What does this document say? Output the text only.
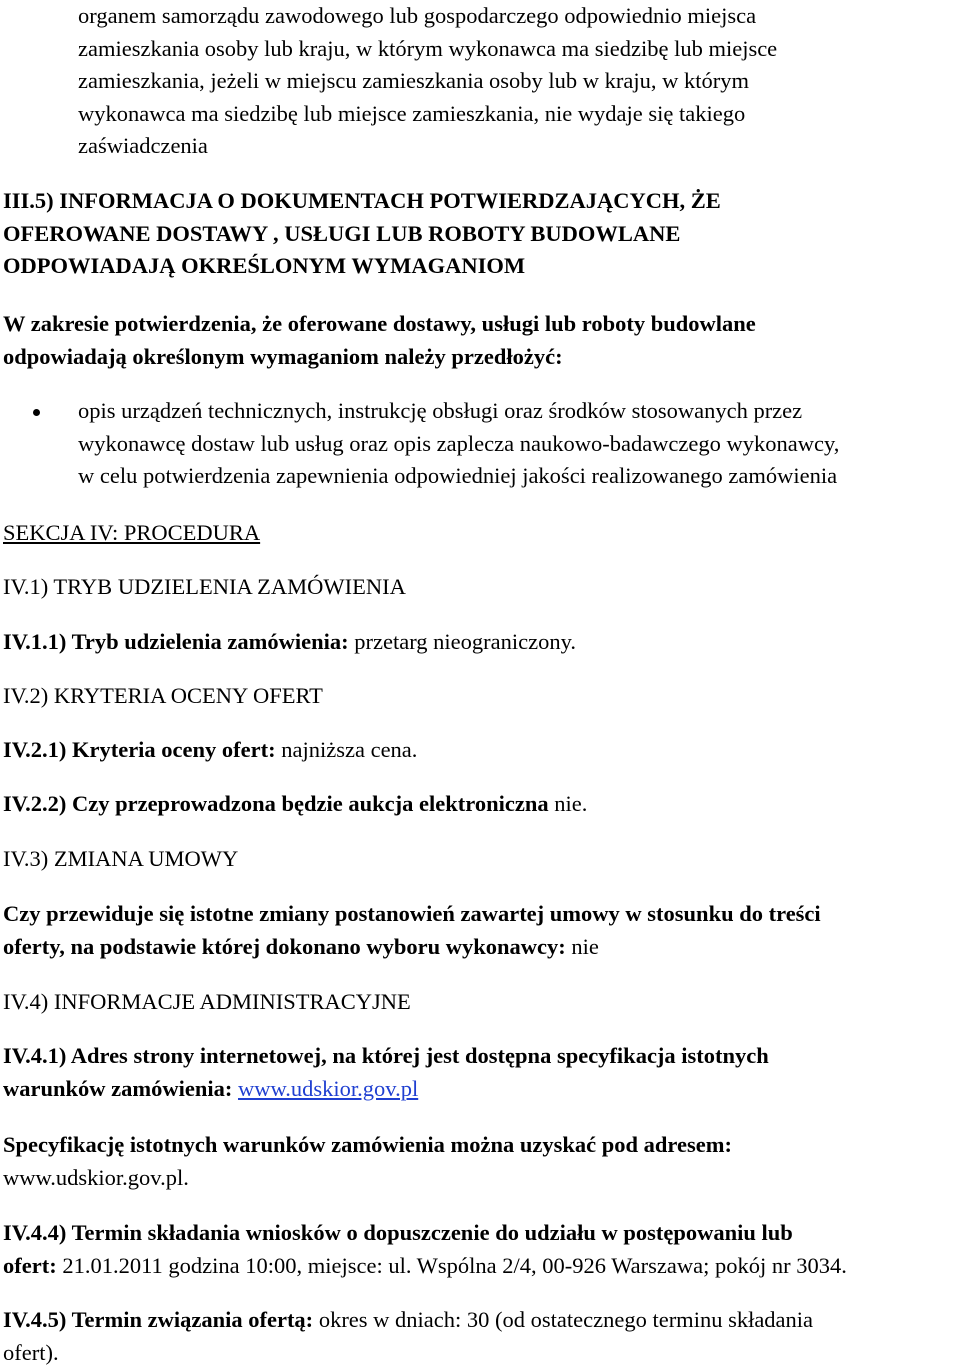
organem samorządu zawodowego lub gospodarczego odpowiednio miejsca
zamieszkania osoby lub kraju, w którym wykonawca ma siedzibę lub miejsce
zamieszkania, jeżeli w miejscu zamieszkania osoby lub w kraju, w którym
wykonawca ma siedzibę lub miejsce zamieszkania, nie wydaje się takiego
zaświadczenia

III.5) INFORMACJA O DOKUMENTACH POTWIERDZAJĄCYCH, ŻE
OFEROWANE DOSTAWY , USŁUGI LUB ROBOTY BUDOWLANE
ODPOWIADAJĄ OKREŚLONYM WYMAGANIOM

W zakresie potwierdzenia, że oferowane dostawy, usługi lub roboty budowlane
odpowiadają określonym wymaganiom należy przedłożyć:

opis urządzeń technicznych, instrukcję obsługi oraz środków stosowanych przez
wykonawcę dostaw lub usług oraz opis zaplecza naukowo-badawczego wykonawcy,
w celu potwierdzenia zapewnienia odpowiedniej jakości realizowanego zamówienia

SEKCJA IV: PROCEDURA

IV.1) TRYB UDZIELENIA ZAMÓWIENIA

IV.1.1) Tryb udzielenia zamówienia: przetarg nieograniczony.

IV.2) KRYTERIA OCENY OFERT

IV.2.1) Kryteria oceny ofert: najniższa cena.

IV.2.2) Czy przeprowadzona będzie aukcja elektroniczna nie.

IV.3) ZMIANA UMOWY

Czy przewiduje się istotne zmiany postanowień zawartej umowy w stosunku do treści
oferty, na podstawie której dokonano wyboru wykonawcy: nie

IV.4) INFORMACJE ADMINISTRACYJNE

IV.4.1) Adres strony internetowej, na której jest dostępna specyfikacja istotnych
warunków zamówienia: www.udskior.gov.pl

Specyfikację istotnych warunków zamówienia można uzyskać pod adresem:
www.udskior.gov.pl.

IV.4.4) Termin składania wniosków o dopuszczenie do udziału w postępowaniu lub
ofert: 21.01.2011 godzina 10:00, miejsce: ul. Wspólna 2/4, 00-926 Warszawa; pokój nr 3034.

IV.4.5) Termin związania ofertą: okres w dniach: 30 (od ostatecznego terminu składania
ofert).
